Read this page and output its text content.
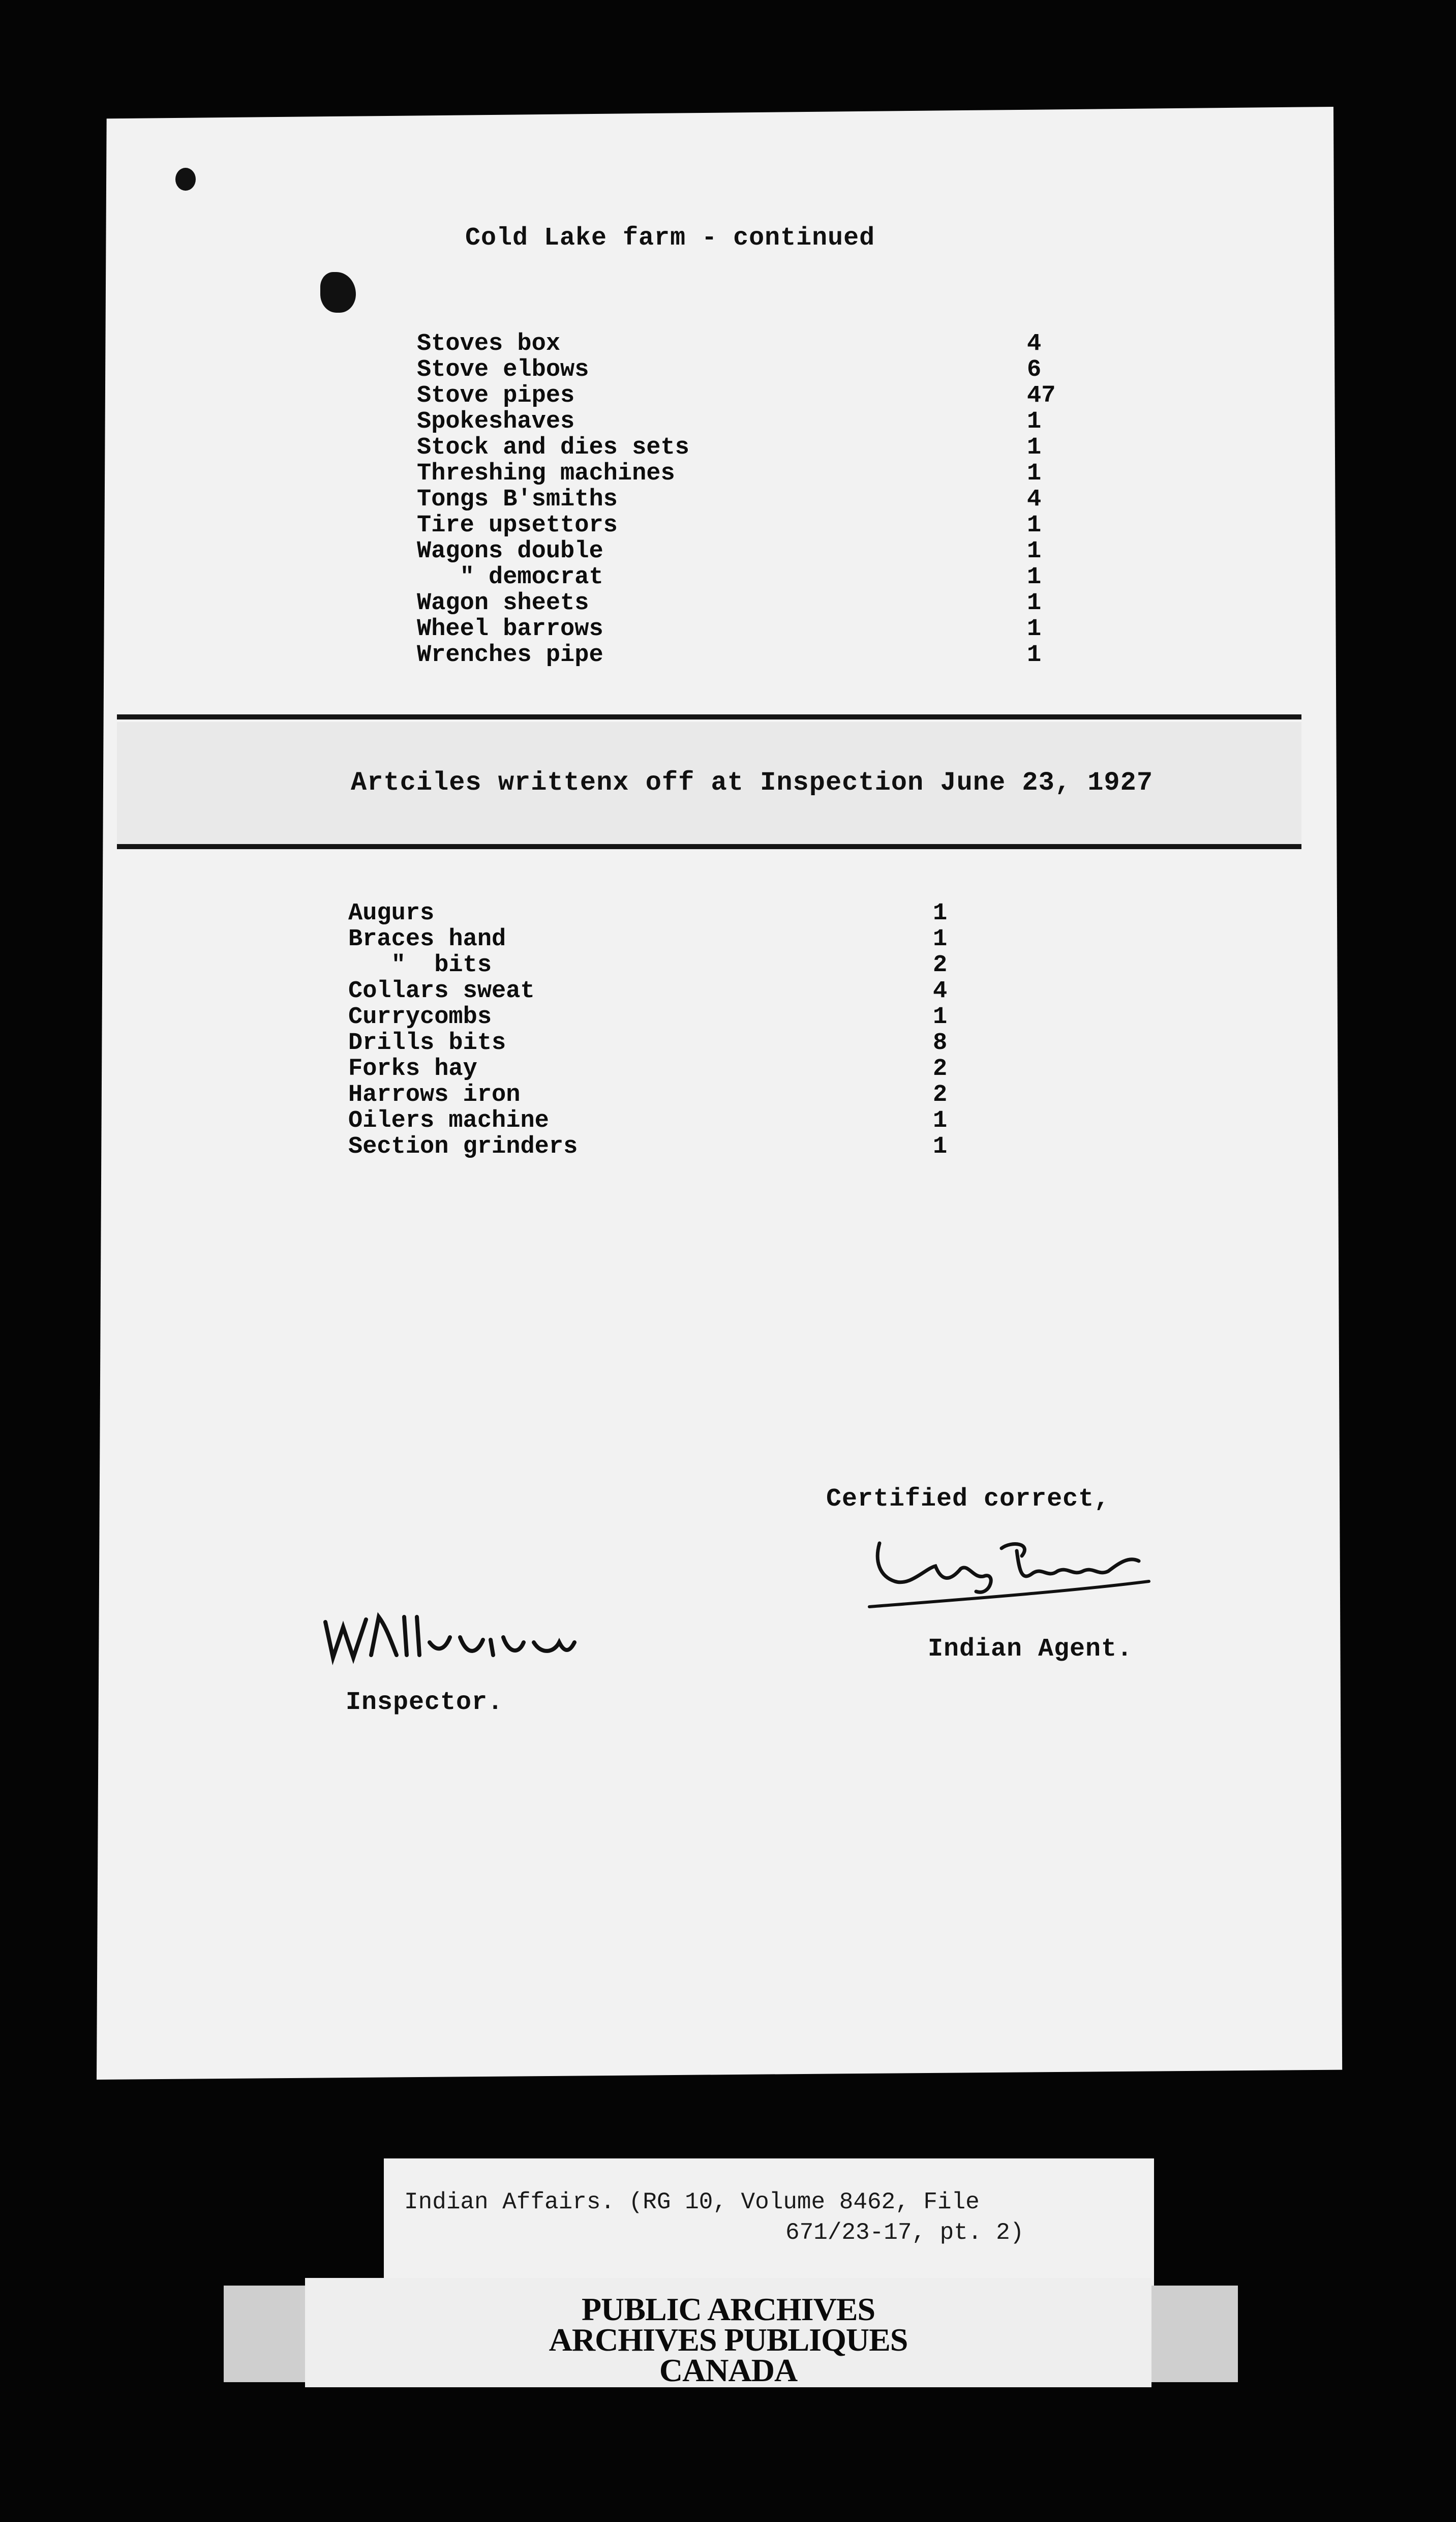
Cold Lake farm - continued
Stoves box	4
Stove elbows	6
Stove pipes	47
Spokeshaves	1
Stock and dies sets	1
Threshing machines	1
Tongs B'smiths	4
Tire upsettors	1
Wagons double	1
" democrat	1
Wagon sheets	1
Wheel barrows	1
Wrenches pipe	1
Artciles writtenx off at Inspection June 23, 1927
Augurs	1
Braces hand	1
"  bits	2
Collars sweat	4
Currycombs	1
Drills bits	8
Forks hay	2
Harrows iron	2
Oilers machine	1
Section grinders	1
Certified correct,
Indian Agent.
Inspector.
Indian Affairs. (RG 10, Volume 8462, File
671/23-17, pt. 2)
PUBLIC ARCHIVES
ARCHIVES PUBLIQUES
CANADA
